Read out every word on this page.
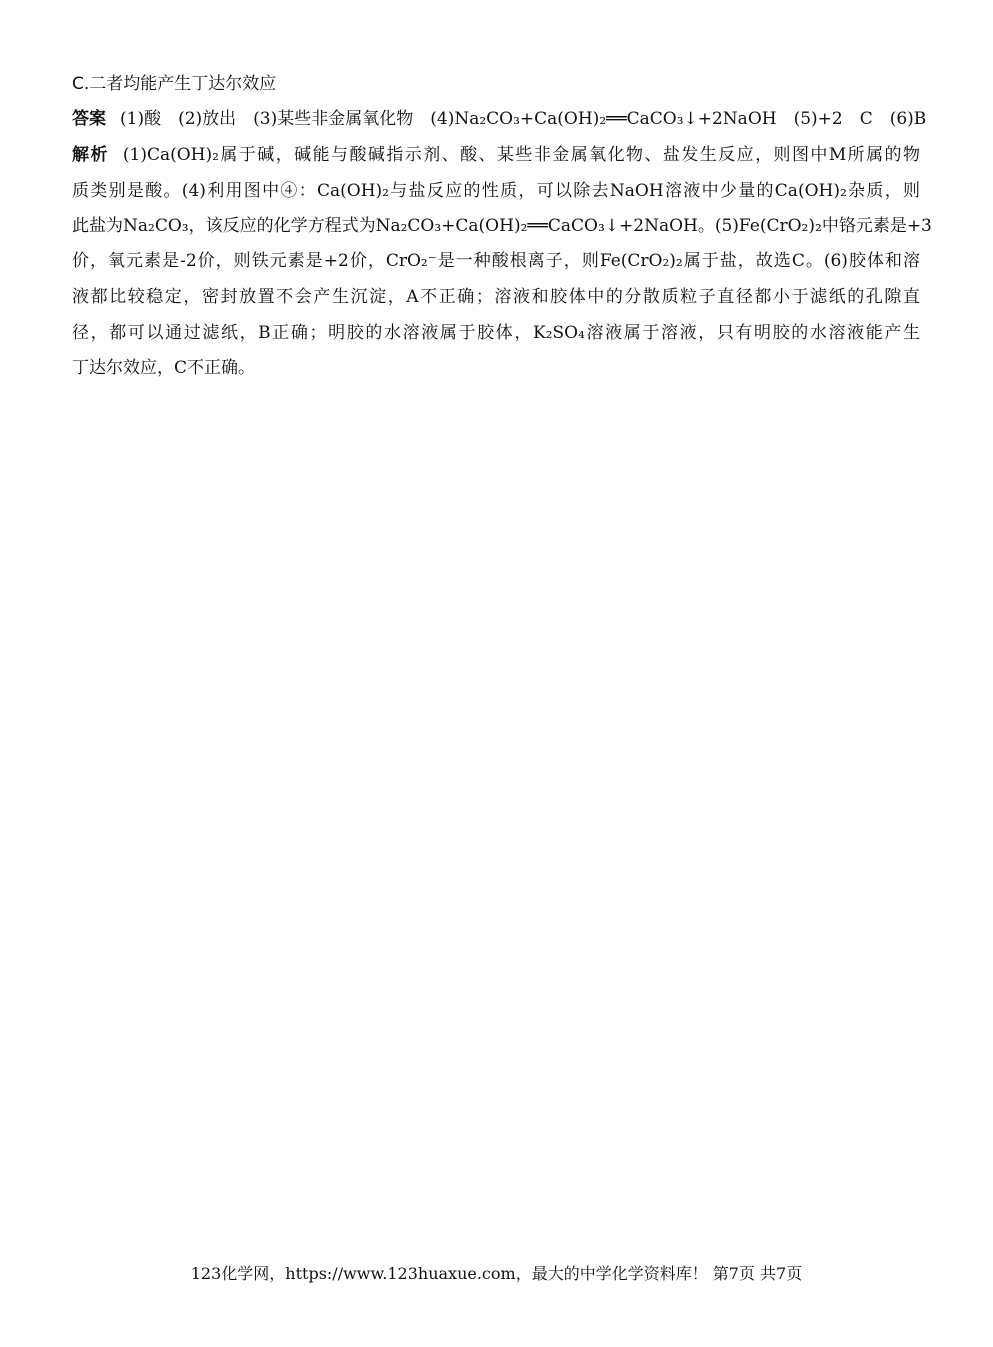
C.二者均能产生丁达尔效应
答案 (1)酸　(2)放出　(3)某些非金属氧化物　(4)Na₂CO₃+Ca(OH)₂══CaCO₃↓+2NaOH　(5)+2　C　(6)B
解析 (1)Ca(OH)₂属于碱，碱能与酸碱指示剂、酸、某些非金属氧化物、盐发生反应，则图中M所属的物
质类别是酸。(4)利用图中④：Ca(OH)₂与盐反应的性质，可以除去NaOH溶液中少量的Ca(OH)₂杂质，则
此盐为Na₂CO₃，该反应的化学方程式为Na₂CO₃+Ca(OH)₂══CaCO₃↓+2NaOH。(5)Fe(CrO₂)₂中铬元素是+3
价，氧元素是-2价，则铁元素是+2价，CrO₂⁻是一种酸根离子，则Fe(CrO₂)₂属于盐，故选C。(6)胶体和溶
液都比较稳定，密封放置不会产生沉淀，A不正确；溶液和胶体中的分散质粒子直径都小于滤纸的孔隙直
径，都可以通过滤纸，B正确；明胶的水溶液属于胶体，K₂SO₄溶液属于溶液，只有明胶的水溶液能产生
丁达尔效应，C不正确。
123化学网，https://www.123huaxue.com，最大的中学化学资料库！ 第7页 共7页
